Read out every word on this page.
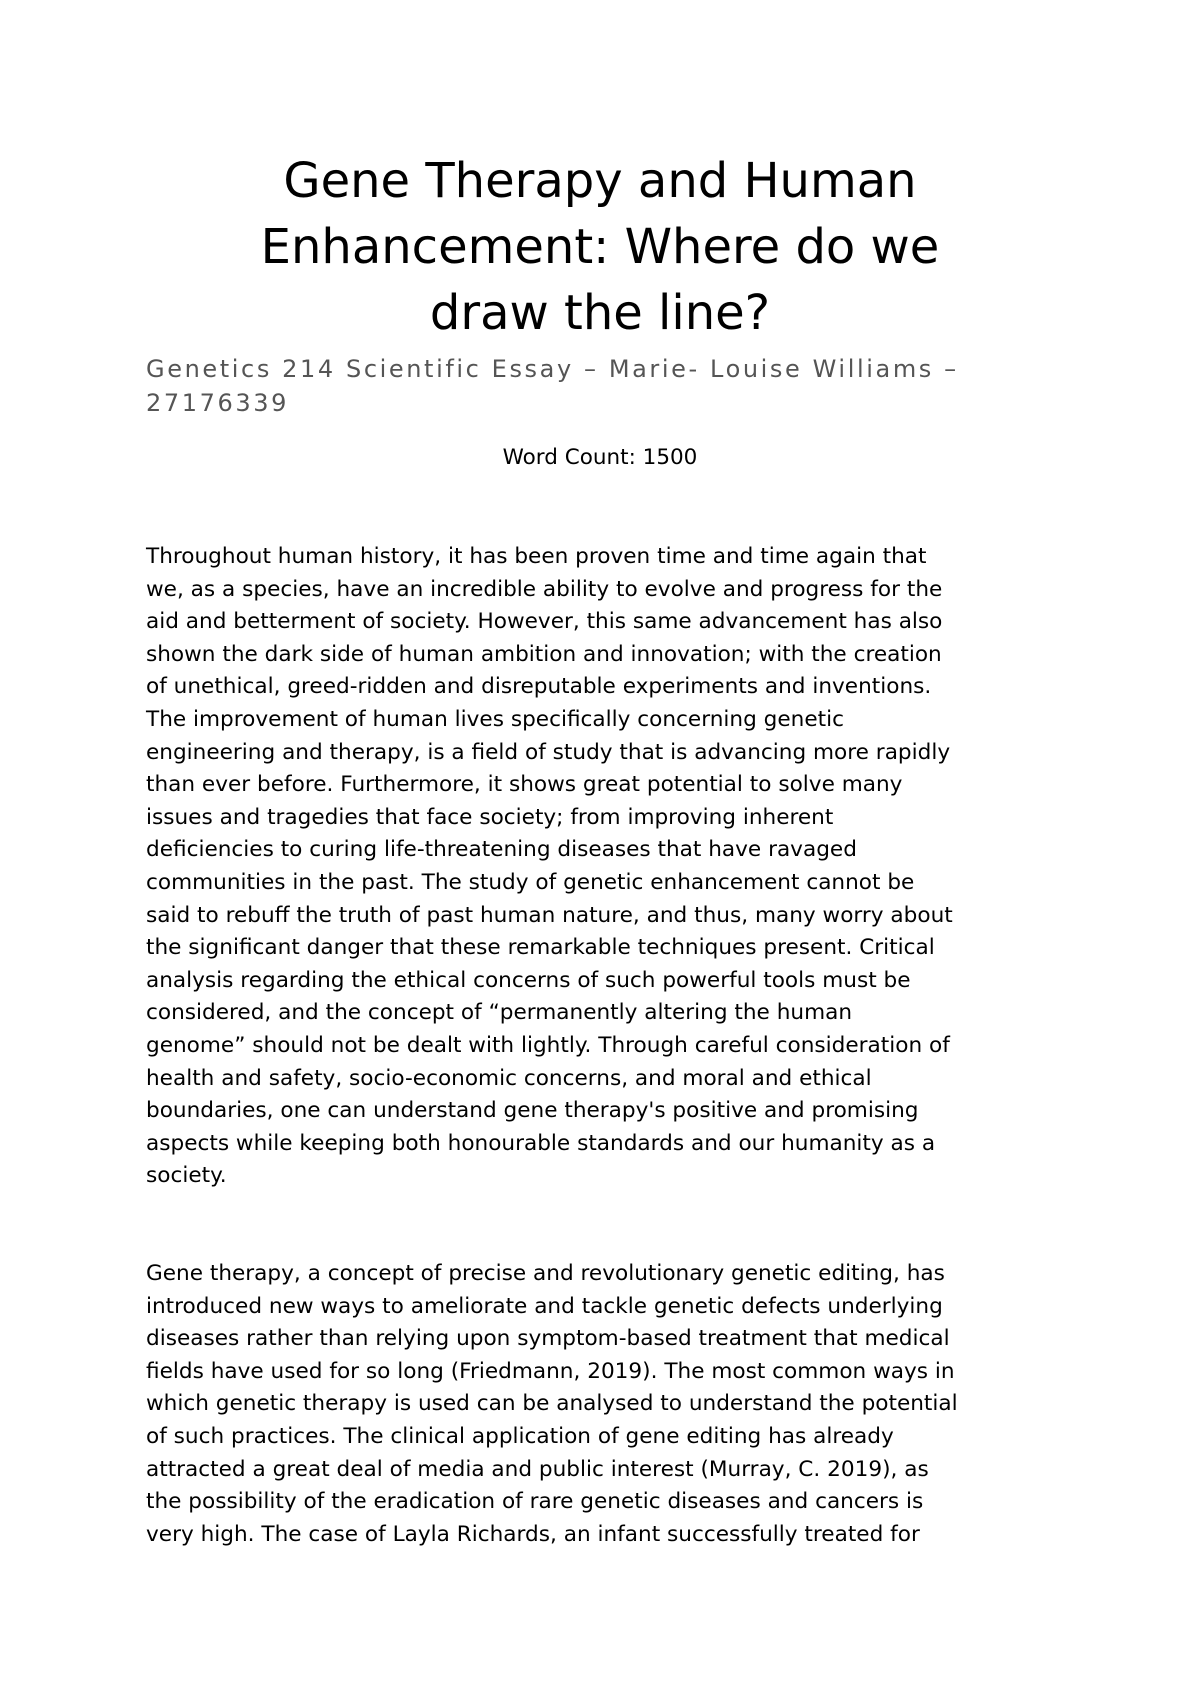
Gene Therapy and Human
Enhancement: Where do we
draw the line?

Genetics 214 Scientific Essay – Marie- Louise Williams –
27176339

Word Count: 1500

Throughout human history, it has been proven time and time again that
we, as a species, have an incredible ability to evolve and progress for the
aid and betterment of society. However, this same advancement has also
shown the dark side of human ambition and innovation; with the creation
of unethical, greed-ridden and disreputable experiments and inventions.
The improvement of human lives specifically concerning genetic
engineering and therapy, is a field of study that is advancing more rapidly
than ever before. Furthermore, it shows great potential to solve many
issues and tragedies that face society; from improving inherent
deficiencies to curing life-threatening diseases that have ravaged
communities in the past. The study of genetic enhancement cannot be
said to rebuff the truth of past human nature, and thus, many worry about
the significant danger that these remarkable techniques present. Critical
analysis regarding the ethical concerns of such powerful tools must be
considered, and the concept of “permanently altering the human
genome” should not be dealt with lightly. Through careful consideration of
health and safety, socio-economic concerns, and moral and ethical
boundaries, one can understand gene therapy's positive and promising
aspects while keeping both honourable standards and our humanity as a
society.

Gene therapy, a concept of precise and revolutionary genetic editing, has
introduced new ways to ameliorate and tackle genetic defects underlying
diseases rather than relying upon symptom-based treatment that medical
fields have used for so long (Friedmann, 2019). The most common ways in
which genetic therapy is used can be analysed to understand the potential
of such practices. The clinical application of gene editing has already
attracted a great deal of media and public interest (Murray, C. 2019), as
the possibility of the eradication of rare genetic diseases and cancers is
very high. The case of Layla Richards, an infant successfully treated for
